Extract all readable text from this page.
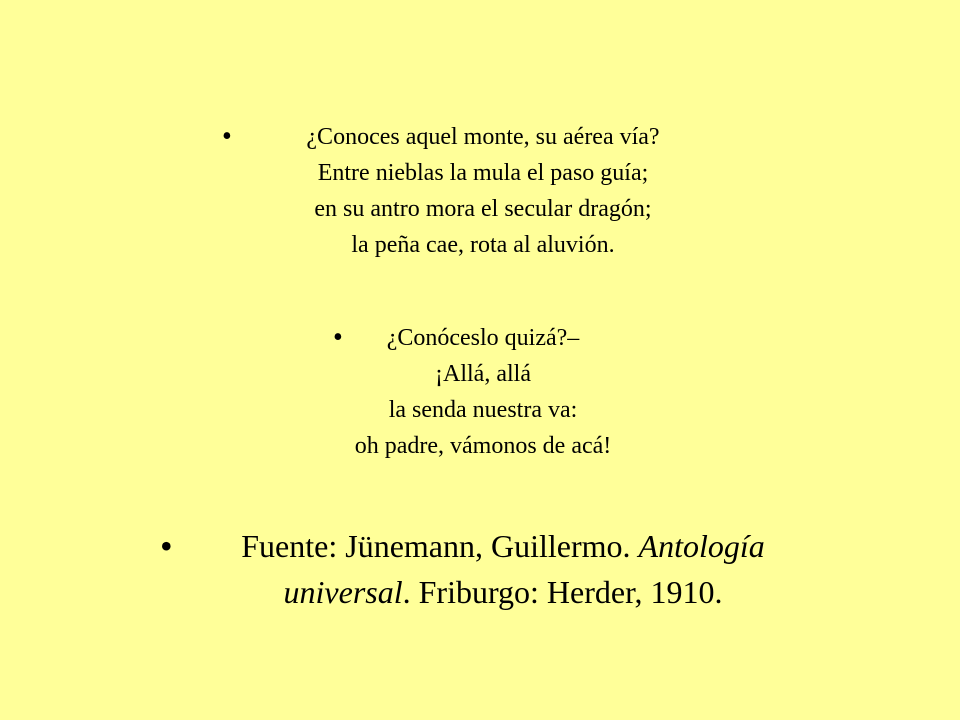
•	¿Conoces aquel monte, su aérea vía?
Entre nieblas la mula el paso guía;
en su antro mora el secular dragón;
la peña cae, rota al aluvión.
•	¿Conóceslo quizá?–
¡Allá, allá
la senda nuestra va:
oh padre, vámonos de acá!
•	Fuente: Jünemann, Guillermo. Antología
universal. Friburgo: Herder, 1910.
